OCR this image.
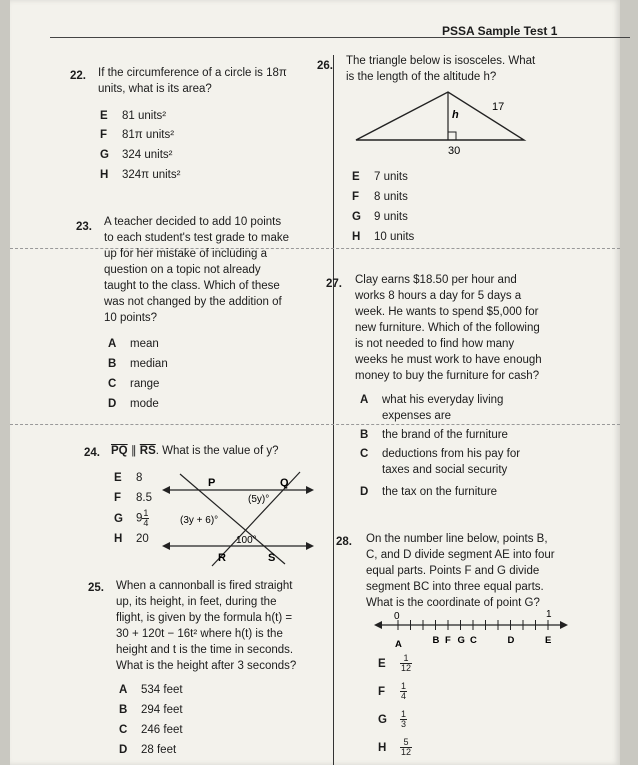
PSSA Sample Test 1
22. If the circumference of a circle is 18π
units, what is its area?
E 81 units²
F 81π units²
G 324 units²
H 324π units²
23. A teacher decided to add 10 points
to each student's test grade to make
up for her mistake of including a
question on a topic not already
taught to the class. Which of these
was not changed by the addition of
10 points?
A mean
B median
C range
D mode
24. $\overline{PQ}$ ∥ $\overline{RS}$. What is the value of y?
E 8
F 8.5
G $9 \frac{1}{4}$
H 20
P	Q
R	S
(5y)°
(3y + 6)°
100°
25. When a cannonball is fired straight
up, its height, in feet, during the
flight, is given by the formula h(t) =
30 + 120t − 16t² where h(t) is the
height and t is the time in seconds.
What is the height after 3 seconds?
A 534 feet
B 294 feet
C 246 feet
D 28 feet
26. The triangle below is isosceles. What
is the length of the altitude h?
h
17
30
E 7 units
F 8 units
G 9 units
H 10 units
27. Clay earns $18.50 per hour and
works 8 hours a day for 5 days a
week. He wants to spend $5,000 for
new furniture. Which of the following
is not needed to find how many
weeks he must work to have enough
money to buy the furniture for cash?
A what his everyday living
expenses are
B the brand of the furniture
C deductions from his pay for
taxes and social security
D the tax on the furniture
28. On the number line below, points B,
C, and D divide segment AE into four
equal parts. Points F and G divide
segment BC into three equal parts.
What is the coordinate of point G?
0	1
A	B F G C	D	E
E $\frac{1}{12}$
F $\frac{1}{4}$
G $\frac{1}{3}$
H $\frac{5}{12}$
